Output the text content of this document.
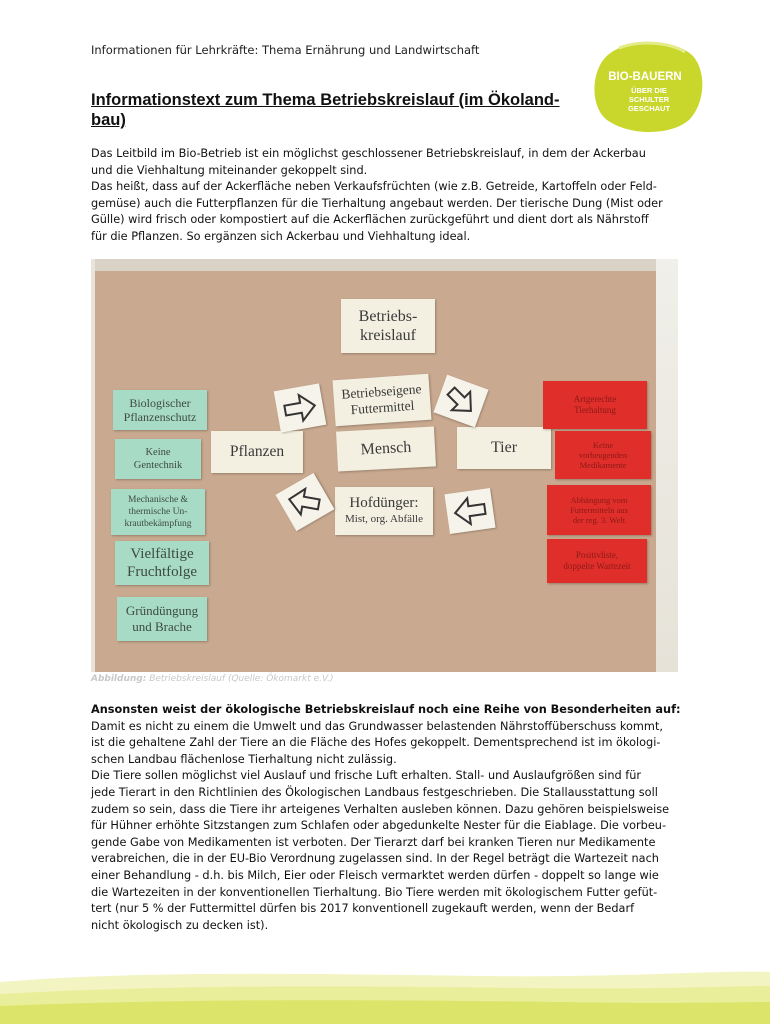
Informationen für Lehrkräfte: Thema Ernährung und Landwirtschaft
BIO-BAUERN
ÜBER DIE
SCHULTER
GESCHAUT
Informationstext zum Thema Betriebskreislauf (im Ökoland-
bau)

Das Leitbild im Bio-Betrieb ist ein möglichst geschlossener Betriebskreislauf, in dem der Ackerbau

und die Viehhaltung miteinander gekoppelt sind.

Das heißt, dass auf der Ackerfläche neben Verkaufsfrüchten (wie z.B. Getreide, Kartoffeln oder Feld-

gemüse) auch die Futterpflanzen für die Tierhaltung angebaut werden. Der tierische Dung (Mist oder

Gülle) wird frisch oder kompostiert auf die Ackerflächen zurückgeführt und dient dort als Nährstoff

für die Pflanzen. So ergänzen sich Ackerbau und Viehhaltung ideal.

Betriebs-
kreislauf
Betriebseigene
Futtermittel
Pflanzen	Mensch	Tier
Hofdünger:
Mist, org. Abfälle
Biologischer
Pflanzenschutz
Keine
Gentechnik
Mechanische &
thermische Un-
krautbekämpfung
Vielfältige
Fruchtfolge
Gründüngung
und Brache
Artgerechte
Tierhaltung
Keine
vorbeugenden
Medikamente
Abhängung vom
Futtermitteln aus
der reg. 3. Welt
Positivliste,
doppelte Wartezeit
Abbildung: Betriebskreislauf (Quelle: Ökomarkt e.V.)
Ansonsten weist der ökologische Betriebskreislauf noch eine Reihe von Besonderheiten auf:

Damit es nicht zu einem die Umwelt und das Grundwasser belastenden Nährstoffüberschuss kommt,

ist die gehaltene Zahl der Tiere an die Fläche des Hofes gekoppelt. Dementsprechend ist im ökologi-

schen Landbau flächenlose Tierhaltung nicht zulässig.

Die Tiere sollen möglichst viel Auslauf und frische Luft erhalten. Stall- und Auslaufgrößen sind für

jede Tierart in den Richtlinien des Ökologischen Landbaus festgeschrieben. Die Stallausstattung soll

zudem so sein, dass die Tiere ihr arteigenes Verhalten ausleben können. Dazu gehören beispielsweise

für Hühner erhöhte Sitzstangen zum Schlafen oder abgedunkelte Nester für die Eiablage. Die vorbeu-

gende Gabe von Medikamenten ist verboten. Der Tierarzt darf bei kranken Tieren nur Medikamente

verabreichen, die in der EU-Bio Verordnung zugelassen sind. In der Regel beträgt die Wartezeit nach

einer Behandlung - d.h. bis Milch, Eier oder Fleisch vermarktet werden dürfen - doppelt so lange wie

die Wartezeiten in der konventionellen Tierhaltung. Bio Tiere werden mit ökologischem Futter gefüt-

tert (nur 5 % der Futtermittel dürfen bis 2017 konventionell zugekauft werden, wenn der Bedarf

nicht ökologisch zu decken ist).
